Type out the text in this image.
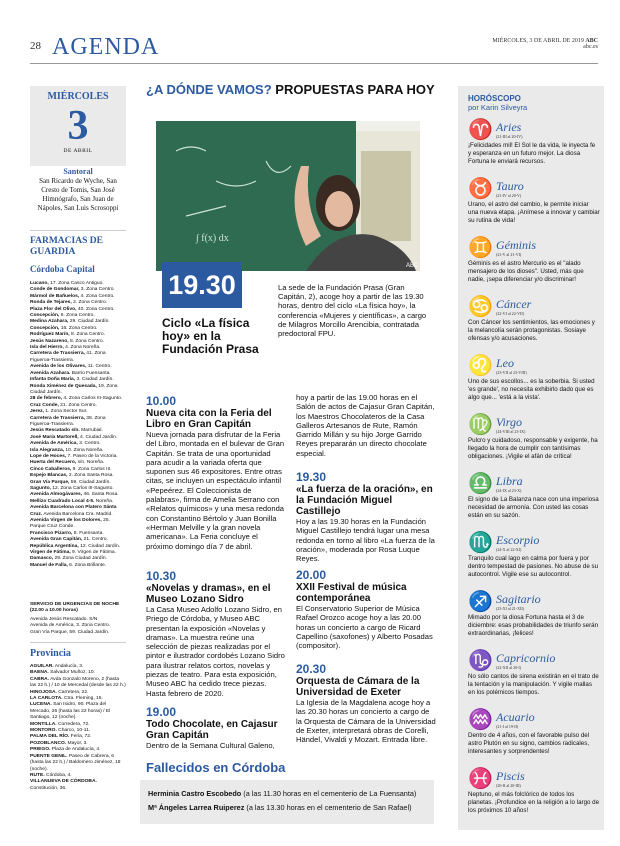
28 AGENDA	MIÉRCOLES, 3 DE ABRIL DE 2019 ABC
abc.es
MIÉRCOLES
3
DE ABRIL
Santoral
San Ricardo de Wyche, San Cresto de Tomis, San José Himnógrafo, San Juan de Nápoles, San Luis Scrosoppi
FARMACIAS DE GUARDIA
Córdoba Capital
Lucano, 17. Zona Casco Antiguo.
Conde de Gondomar, 3. Zona Centro.
Mármol de Bañuelos, 4. Zona Centro.
Ronda de Tejares, 2. Zona Centro.
Plaza Flor del Olivo, 40. Zona Centro.
Concepción, 6. Zona Centro.
Medina Azahara, 29. Ciudad Jardín.
Concepción, 16. Zona Centro.
Rodríguez Marín, 8. Zona Centro.
Jesús Nazareno, 8. Zona Centro.
Isla del Hierro, 4. Zona Noreña.
Carretera de Trassierra, 41. Zona Figueroa-Trassierra.
Avenida de los Olivares, 11. Centro.
Avenida Azahara. Barrio Fuensanta.
Infanta Doña María, 3. Ciudad Jardín.
Ronda Ximénez de Quesada, 19. Zona Ciudad Jardín.
28 de febrero, 4. Zona Carlos III-Sagunto.
Cruz Conde, 21. Zona Centro.
Jerez, 1. Zona Sector Sur.
Carretera de Trassierra, 38. Zona Figueroa-Trassierra.
Jesús Rescatado s/n. Marrubial.
José María Martorell, 4. Ciudad Jardín.
Avenida de América, 3. Centro.
Isla Alegranza, 10. Zona Noreña.
Lope de Hoces, 7. Paseo de la Victoria.
Huerta del Recuero, s/n. Noreña.
Cinco Caballeros, 9. Zona Carlos III.
Espejo Blancas, 2. Zona Santa Rosa.
Gran Vía Parque, 59. Ciudad Jardín.
Sagunto, 12. Zona Carlos III-Sagunto.
Avenida Almogávares, 46. Santa Rosa.
Mellizo Cuadrado Local 4-5. Noreña.
Avenida Barcelona con Platero Sánta Cruz. Avenida Barcelona Cra. Madrid.
Avenida Virgen de los Dolores, 25. Parque Cruz Conde.
Francisco Pizarro, 8. Fuensanta.
Avenida Gran Capitán, 21. Centro.
República Argentina, 12. Ciudad Jardín.
Virgen de Fátima, 9. Virgen de Fátima.
Damasco, 29. Zona Ciudad Jardín.
Manuel de Falla, 6. Zona Brillante.
SERVICIO DE URGENCIAS DE NOCHE (22.00 a 10.00 horas)
Avenida Jesús Rescatado. S/N
Avenida de América, 3. Zona Centro.
Gran Vía Parque, 59. Ciudad Jardín.
Provincia
AGUILAR. Andalucía, 3.
BAENA. Salvador Muñoz, 10.
CABRA. Avda Gonzalo Moreno, 2 (hasta las 22 h.) / 10 de Mercedal (desde las 22 h.)
HINOJOSA. Carretera, 22.
LA CARLOTA. Ctra. Fleming, 15.
LUCENA. San Isidro, 90. Plaza del Mercado, 26 (hasta las 22 horas) / El Santiago, 12 (noche).
MONTILLA. Corredera, 72.
MONTORO. Charco, 10-11.
PALMA DEL RÍO. Feria, 72.
POZOBLANCO. Mayor, 3.
PRIEGO. Plaza de Andalucía, 4.
PUENTE GENIL. Paseo de Cabrera, 6 (hasta las 22 h.) / Baldomero Jiménez, 18 (noche).
RUTE. Córdoba, 4.
VILLANUEVA DE CÓRDOBA. Constitución, 36.
¿A DÓNDE VAMOS? PROPUESTAS PARA HOY
∫ f(x) dx
ABC
19.30
Ciclo «La física hoy» en la Fundación Prasa
La sede de la Fundación Prasa (Gran Capitán, 2), acoge hoy a partir de las 19.30 horas, dentro del ciclo «La física hoy», la conferencia «Mujeres y científicas», a cargo de Milagros Morcillo Arencibia, contratada predoctoral FPU.
10.00
Nueva cita con la Feria del Libro en Gran Capitán
Nueva jornada para disfrutar de la Feria del Libro, montada en el bulevar de Gran Capitán. Se trata de una oportunidad para acudir a la variada oferta que suponen sus 46 expositores. Entre otras citas, se incluyen un espectáculo infantil «Pepeérez. El Coleccionista de palabras», firma de Amelia Serrano con «Relatos químicos» y una mesa redonda con Constantino Bértolo y Juan Bonilla «Herman Melville y la gran novela americana». La Feria concluye el próximo domingo día 7 de abril.
10.30
«Novelas y dramas», en el Museo Lozano Sidro
La Casa Museo Adolfo Lozano Sidro, en Priego de Córdoba, y Museo ABC presentan la exposición «Novelas y dramas». La muestra reúne una selección de piezas realizadas por el pintor e ilustrador cordobés Lozano Sidro para ilustrar relatos cortos, novelas y piezas de teatro. Para esta exposición, Museo ABC ha cedido trece piezas. Hasta febrero de 2020.
19.00
Todo Chocolate, en Cajasur Gran Capitán
Dentro de la Semana Cultural Galeno,
hoy a partir de las 19.00 horas en el Salón de actos de Cajasur Gran Capitán, los Maestros Chocolateros de la Casa Galleros Artesanos de Rute, Ramón Garrido Millán y su hijo Jorge Garrido Reyes prepararán un directo chocolate especial.
19.30
«La fuerza de la oración», en la Fundación Miguel Castillejo
Hoy a las 19.30 horas en la Fundación Miguel Castillejo tendrá lugar una mesa redonda en torno al libro «La fuerza de la oración», moderada por Rosa Luque Reyes.
20.00
XXII Festival de música contemporánea
El Conservatorio Superior de Música Rafael Orozco acoge hoy a las 20.00 horas un concierto a cargo de Ricard Capellino (saxofones) y Alberto Posadas (compositor).
20.30
Orquesta de Cámara de la Universidad de Exeter
La Iglesia de la Magdalena acoge hoy a las 20.30 horas un concierto a cargo de la Orquesta de Cámara de la Universidad de Exeter, interpretará obras de Corelli, Händel, Vivaldi y Mozart. Entrada libre.
Fallecidos en Córdoba
Herminia Castro Escobedo (a las 11.30 horas en el cementerio de La Fuensanta)
Mª Ángeles Larrea Ruiperez (a las 13.30 horas en el cementerio de San Rafael)
HORÓSCOPO
por Karin Silveyra
♈ Aries
(21-III al 20-IV)
¡Felicidades mil! El Sol le da vida, le inyecta fe y esperanza en un futuro mejor. La diosa Fortuna le enviará recursos.
♉ Tauro
(21-IV al 20-V)
Urano, el astro del cambio, le permite iniciar una nueva etapa. ¡Anímese a innovar y cambiar su rutina de vida!
♊ Géminis
(21-V al 21-VI)
Géminis es el astro Mercurio es el "alado mensajero de los dioses". Usted, más que nadie, ¡sepa diferenciar y/o discriminar!
♋ Cáncer
(22-VI al 22-VII)
Con Cáncer los sentimientos, las emociones y la melancolía serán protagonistas. Sosiaye ofensas y/o acusaciones.
♌ Leo
(23-VII al 23-VIII)
Uno de sus escollos... es la soberbia. Si usted 'es grande', no necesita exhibirlo dado que es algo que... 'está a la vista'.
♍ Virgo
(24-VIII al 23-IX)
Pulcro y cuidadoso, responsable y exigente, ha llegado la hora de cumplir con tantísimas obligaciones. ¡Vigile el afán de crítica!
♎ Libra
(24-IX al 23-X)
El signo de La Balanza nace con una imperiosa necesidad de armonía. Con usted las cosas están en su sazón.
♏ Escorpio
(24-X al 22-XI)
Tranquilo cual lago en calma por fuera y por dentro tempestad de pasiones. No abuse de su autocontrol. Vigile ese su autocontrol.
♐ Sagitario
(23-XI al 21-XII)
Mimado por la diosa Fortuna hasta el 3 de diciembre: esas probabilidades de triunfo serán extraordinarias, ¡felices!
♑ Capricornio
(22-XII al 20-I)
No sólo cantos de sirena existirán en el trato de la tentación y la manipulación. Y vigile mallas en los polémicos tiempos.
♒ Acuario
(21-I al 19-II)
Dentro de 4 años, con el favorable pulso del astro Plutón en su signo, cambios radicales, interesantes y sorprendentes!
♓ Piscis
(20-II al 20-III)
Neptuno, el más folclórico de todos los planetas. ¡Profundice en la religión a lo largo de los próximos 10 años!
